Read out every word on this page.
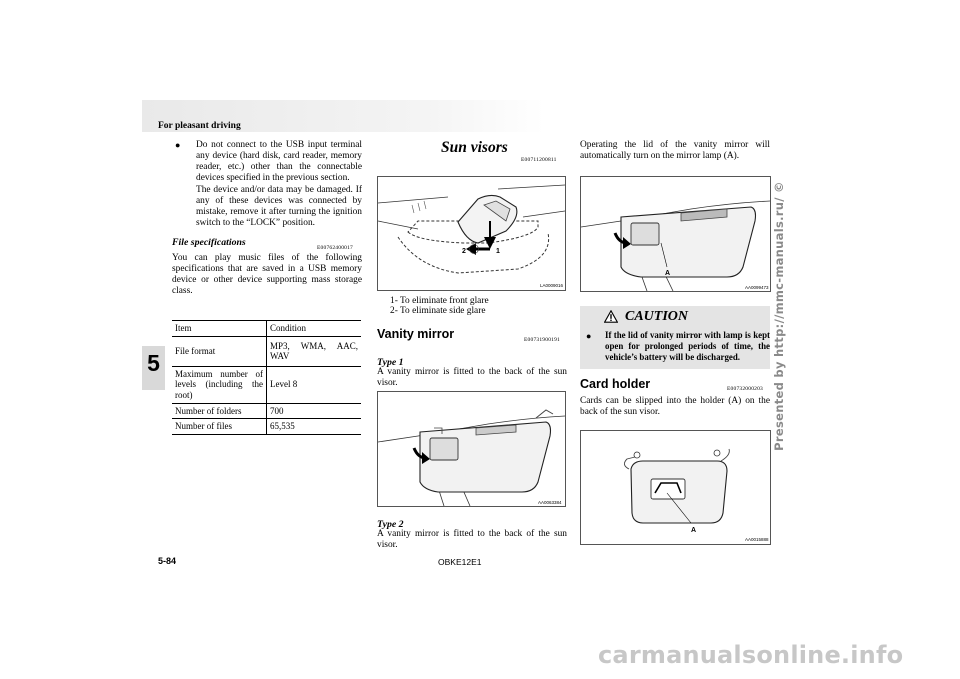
For pleasant driving
5
5-84	OBKE12E1
Presented by http://mmc-manuals.ru/ ©
carmanualsonline.info
● Do not connect to the USB input terminal any device (hard disk, card reader, memory reader, etc.) other than the connectable devices specified in the previous section.
The device and/or data may be damaged. If any of these devices was connected by mistake, remove it after turning the ignition switch to the “LOCK” position.
File specifications	E00762400017
You can play music files of the following specifications that are saved in a USB memory device or other device supporting mass storage class.
Item	Condition
File format	MP3, WMA, AAC, WAV
Maximum number of levels (including the root)	Level 8
Number of folders	700
Number of files	65,535
Sun visors
E00711200811
2	1
LA0009016
1- To eliminate front glare
2- To eliminate side glare
Vanity mirror	E00731900191
Type 1
A vanity mirror is fitted to the back of the sun visor.
AA0063384
Type 2
A vanity mirror is fitted to the back of the sun visor.
Operating the lid of the vanity mirror will automatically turn on the mirror lamp (A).
A
AA0099473
CAUTION
● If the lid of vanity mirror with lamp is kept open for prolonged periods of time, the vehicle’s battery will be discharged.
Card holder	E00732000203
Cards can be slipped into the holder (A) on the back of the sun visor.
A
AA0015888
